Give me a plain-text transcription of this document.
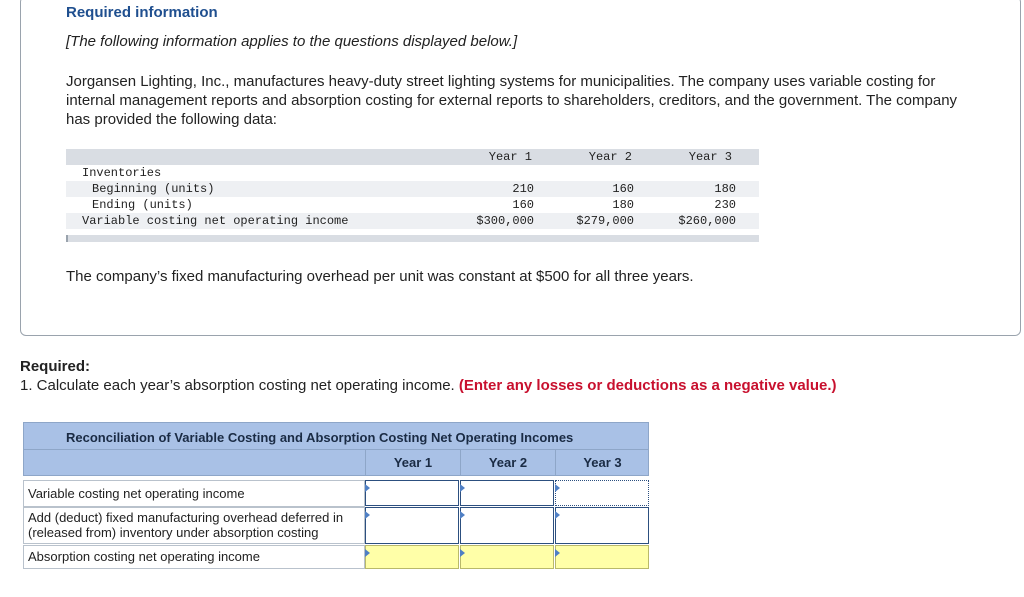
Required information
[The following information applies to the questions displayed below.]
Jorgansen Lighting, Inc., manufactures heavy-duty street lighting systems for municipalities. The company uses variable costing for internal management reports and absorption costing for external reports to shareholders, creditors, and the government. The company has provided the following data:
Year 1	Year 2	Year 3
Inventories
Beginning (units)	210	160	180
Ending (units)	160	180	230
Variable costing net operating income	$300,000	$279,000	$260,000
The company’s fixed manufacturing overhead per unit was constant at $500 for all three years.
Required:
1. Calculate each year’s absorption costing net operating income. (Enter any losses or deductions as a negative value.)
Reconciliation of Variable Costing and Absorption Costing Net Operating Incomes
Year 1	Year 2	Year 3
Variable costing net operating income
Add (deduct) fixed manufacturing overhead deferred in (released from) inventory under absorption costing
Absorption costing net operating income
